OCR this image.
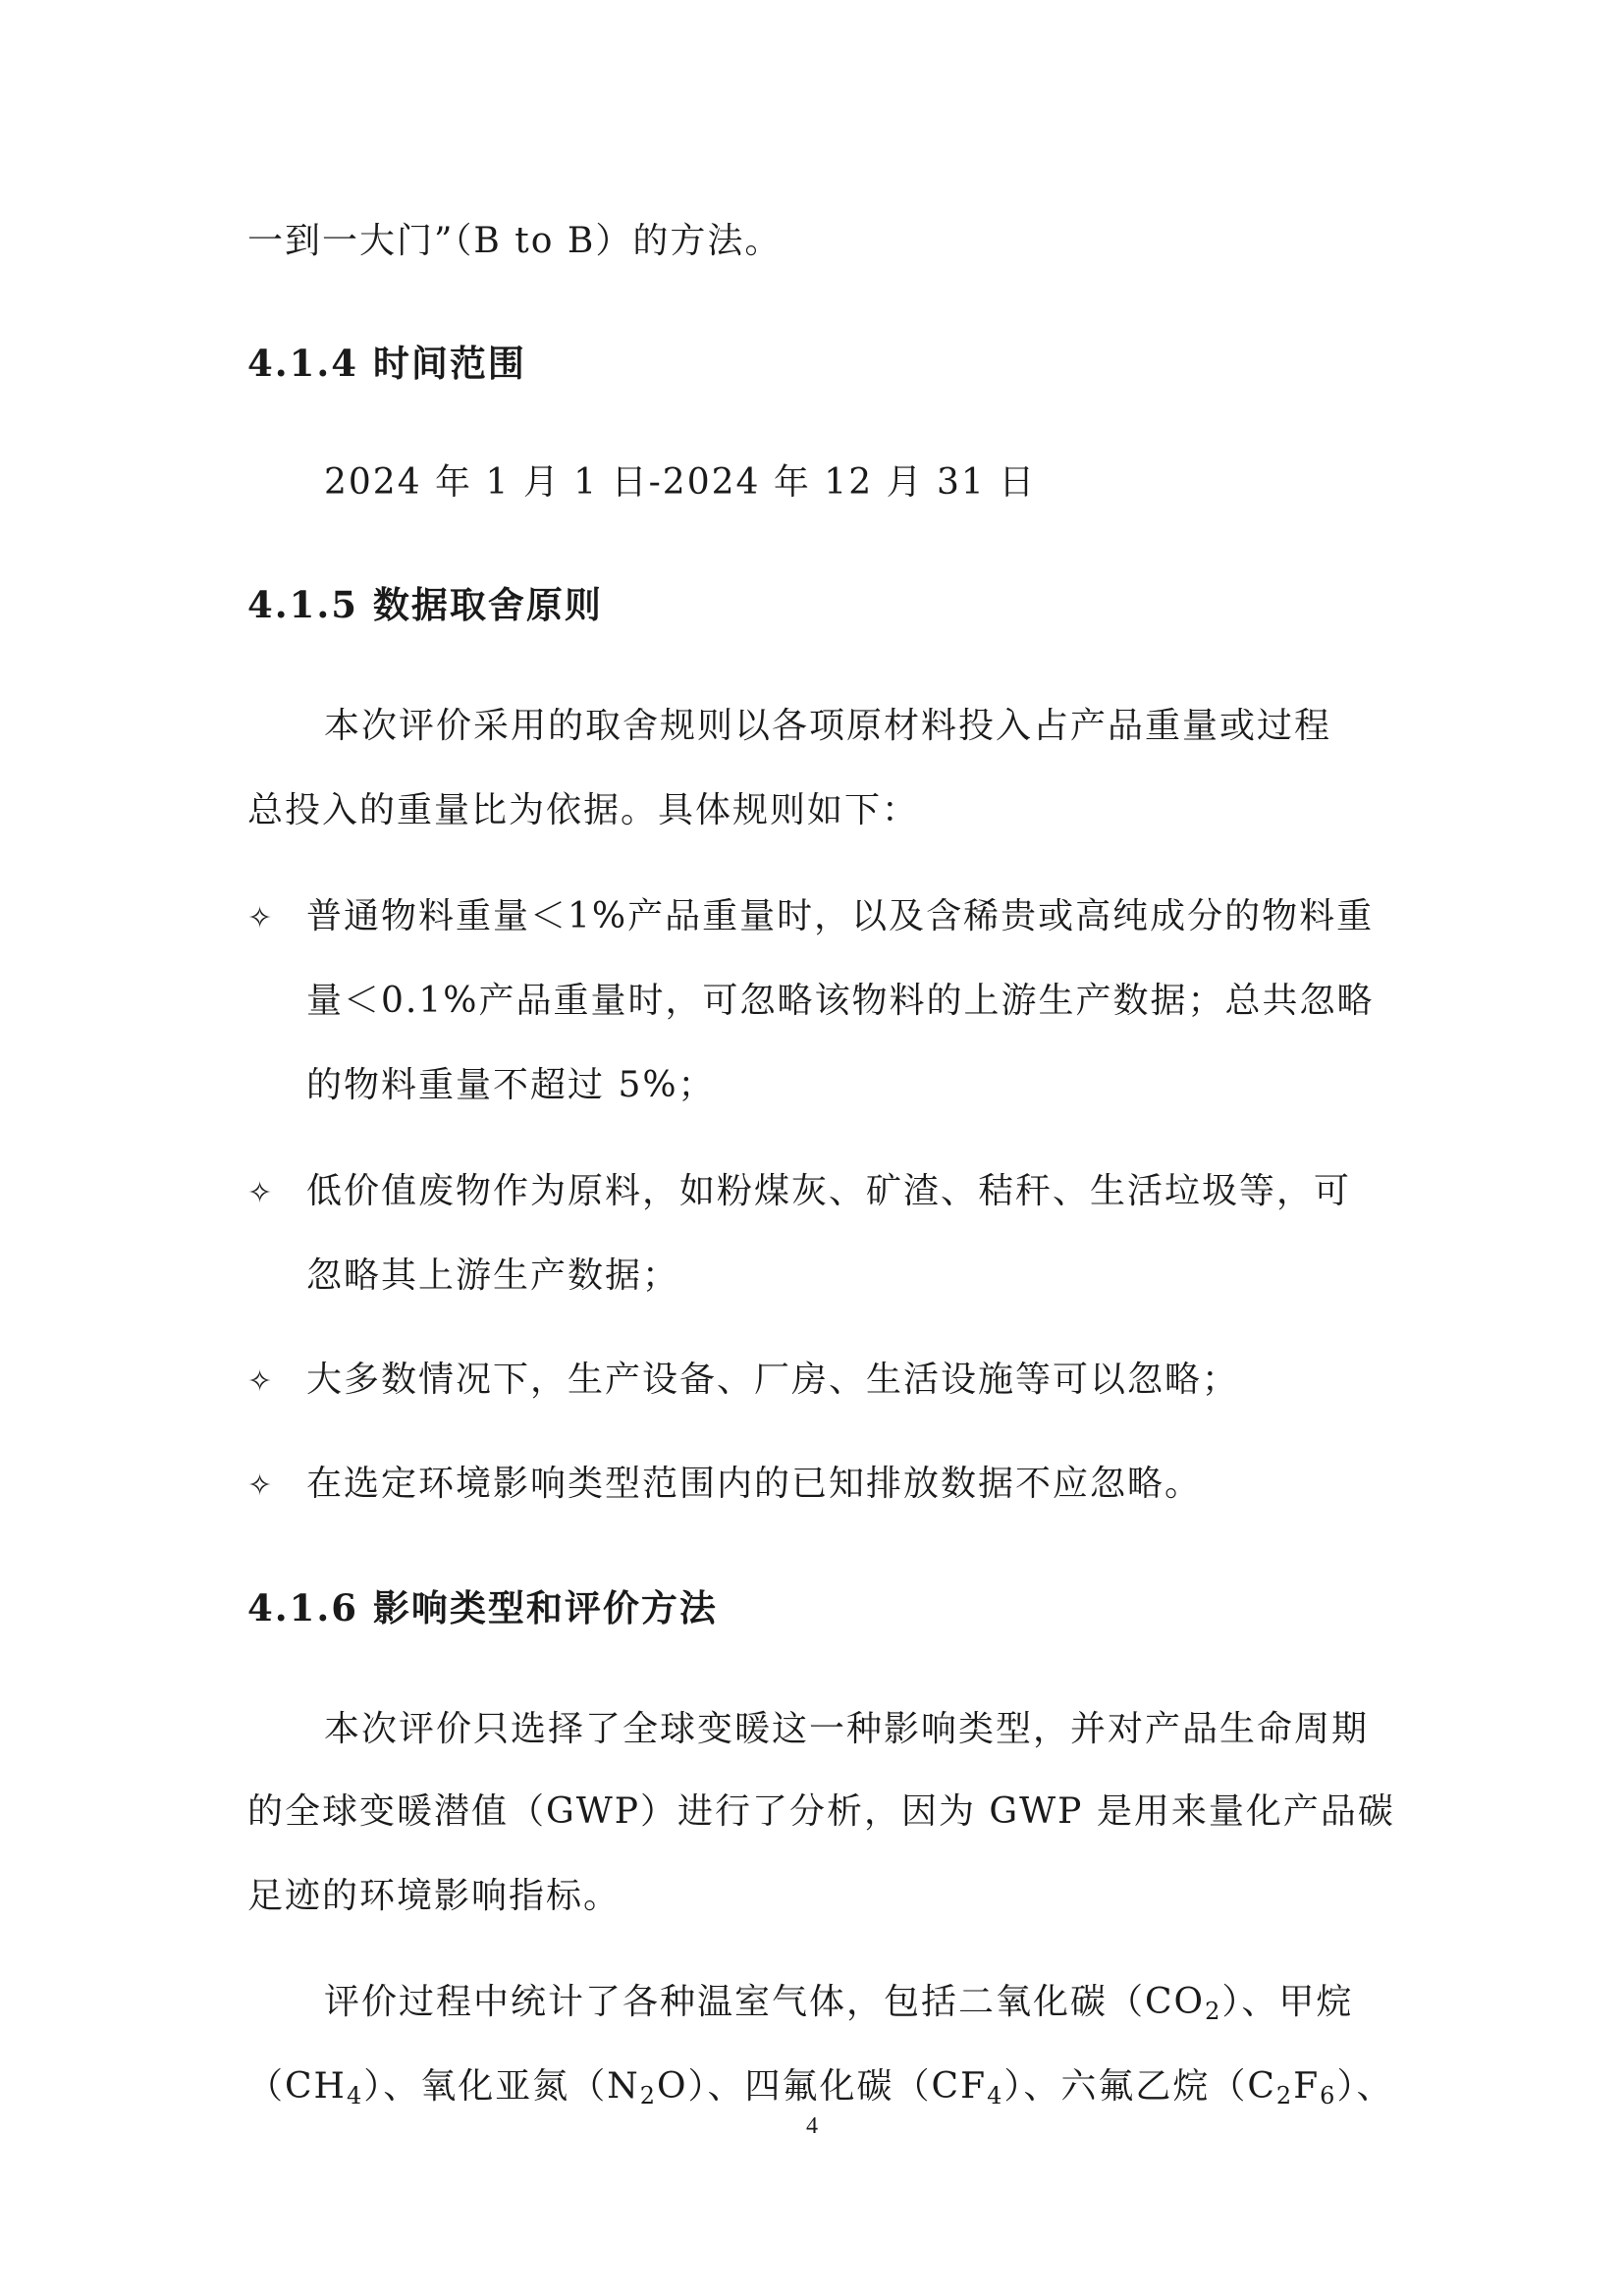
一到一大门”（B to B）的方法。
4.1.4 时间范围
2024 年 1 月 1 日-2024 年 12 月 31 日
4.1.5 数据取舍原则
本次评价采用的取舍规则以各项原材料投入占产品重量或过程
总投入的重量比为依据。具体规则如下：
✧ 普通物料重量＜1%产品重量时，以及含稀贵或高纯成分的物料重
量＜0.1%产品重量时，可忽略该物料的上游生产数据；总共忽略
的物料重量不超过 5%；
✧ 低价值废物作为原料，如粉煤灰、矿渣、秸秆、生活垃圾等，可
忽略其上游生产数据；
✧ 大多数情况下，生产设备、厂房、生活设施等可以忽略；
✧ 在选定环境影响类型范围内的已知排放数据不应忽略。
4.1.6 影响类型和评价方法
本次评价只选择了全球变暖这一种影响类型，并对产品生命周期
的全球变暖潜值（GWP）进行了分析，因为 GWP 是用来量化产品碳
足迹的环境影响指标。
评价过程中统计了各种温室气体，包括二氧化碳$(CO_2)$、甲烷
$(CH_4)$、氧化亚氮$(N_2O)$、四氟化碳$(CF_4)$、六氟乙烷$(C_2F_6)$、
4
